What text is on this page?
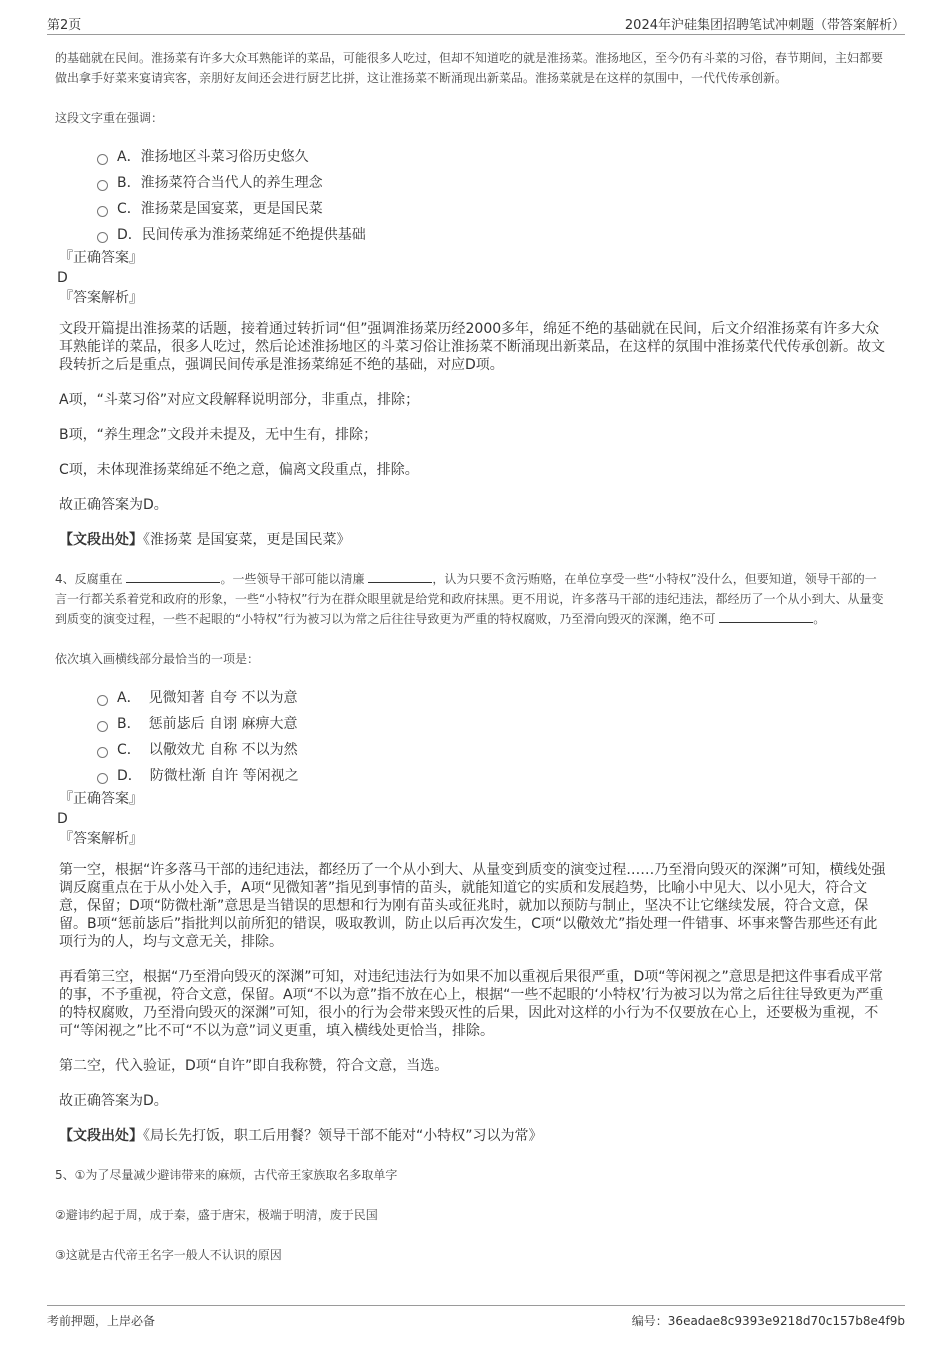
第2页	2024年沪硅集团招聘笔试冲刺题（带答案解析）

的基础就在民间。淮扬菜有许多大众耳熟能详的菜品，可能很多人吃过，但却不知道吃的就是淮扬菜。淮扬地区，至今仍有斗菜的习俗，春节期间，主妇都要做出拿手好菜来宴请宾客，亲朋好友间还会进行厨艺比拼，这让淮扬菜不断涌现出新菜品。淮扬菜就是在这样的氛围中，一代代传承创新。

这段文字重在强调：

A． 淮扬地区斗菜习俗历史悠久
B． 淮扬菜符合当代人的养生理念
C． 淮扬菜是国宴菜，更是国民菜
D． 民间传承为淮扬菜绵延不绝提供基础

『正确答案』

D

『答案解析』

文段开篇提出淮扬菜的话题，接着通过转折词“但”强调淮扬菜历经2000多年，绵延不绝的基础就在民间，后文介绍淮扬菜有许多大众耳熟能详的菜品，很多人吃过，然后论述淮扬地区的斗菜习俗让淮扬菜不断涌现出新菜品，在这样的氛围中淮扬菜代代传承创新。故文段转折之后是重点，强调民间传承是淮扬菜绵延不绝的基础，对应D项。

A项，“斗菜习俗”对应文段解释说明部分，非重点，排除；

B项，“养生理念”文段并未提及，无中生有，排除；

C项，未体现淮扬菜绵延不绝之意，偏离文段重点，排除。

故正确答案为D。

【文段出处】《淮扬菜 是国宴菜，更是国民菜》

4、反腐重在	。一些领导干部可能以清廉	，认为只要不贪污贿赂，在单位享受一些“小特权”没什么，但要知道，领导干部的一言一行都关系着党和政府的形象，一些“小特权”行为在群众眼里就是给党和政府抹黑。更不用说，许多落马干部的违纪违法，都经历了一个从小到大、从量变到质变的演变过程，一些不起眼的“小特权”行为被习以为常之后往往导致更为严重的特权腐败，乃至滑向毁灭的深渊，绝不可	。

依次填入画横线部分最恰当的一项是：

A． 见微知著 自夸 不以为意
B． 惩前毖后 自诩 麻痹大意
C． 以儆效尤 自称 不以为然
D． 防微杜渐 自许 等闲视之

『正确答案』

D

『答案解析』

第一空，根据“许多落马干部的违纪违法，都经历了一个从小到大、从量变到质变的演变过程……乃至滑向毁灭的深渊”可知，横线处强调反腐重点在于从小处入手，A项“见微知著”指见到事情的苗头，就能知道它的实质和发展趋势，比喻小中见大、以小见大，符合文意，保留；D项“防微杜渐”意思是当错误的思想和行为刚有苗头或征兆时，就加以预防与制止，坚决不让它继续发展，符合文意，保留。B项“惩前毖后”指批判以前所犯的错误，吸取教训，防止以后再次发生，C项“以儆效尤”指处理一件错事、坏事来警告那些还有此项行为的人，均与文意无关，排除。

再看第三空，根据“乃至滑向毁灭的深渊”可知，对违纪违法行为如果不加以重视后果很严重，D项“等闲视之”意思是把这件事看成平常的事，不予重视，符合文意，保留。A项“不以为意”指不放在心上，根据“一些不起眼的‘小特权’行为被习以为常之后往往导致更为严重的特权腐败，乃至滑向毁灭的深渊”可知，很小的行为会带来毁灭性的后果，因此对这样的小行为不仅要放在心上，还要极为重视，不可“等闲视之”比不可“不以为意”词义更重，填入横线处更恰当，排除。

第二空，代入验证，D项“自许”即自我称赞，符合文意，当选。

故正确答案为D。

【文段出处】《局长先打饭，职工后用餐？领导干部不能对“小特权”习以为常》

5、①为了尽量减少避讳带来的麻烦，古代帝王家族取名多取单字

②避讳约起于周，成于秦，盛于唐宋，极端于明清，废于民国

③这就是古代帝王名字一般人不认识的原因

考前押题，上岸必备	编号：36eadae8c9393e9218d70c157b8e4f9b
